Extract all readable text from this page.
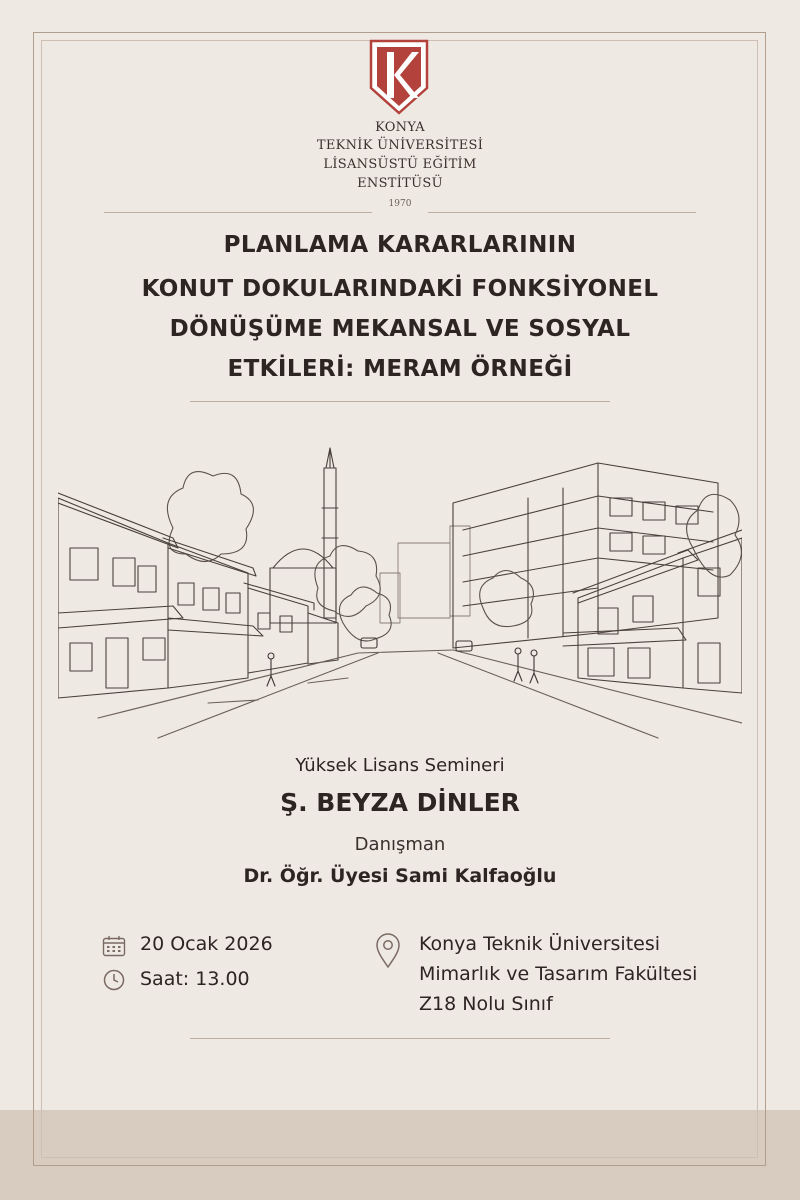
KONYA
TEKNİK ÜNİVERSİTESİ
LİSANSÜSTÜ EĞİTİM
ENSTİTÜSÜ
1970
PLANLAMA KARARLARININ
KONUT DOKULARINDAKİ FONKSİYONEL
DÖNÜŞÜME MEKANSAL VE SOSYAL
ETKİLERİ: MERAM ÖRNEĞİ
Yüksek Lisans Semineri
Ş. BEYZA DİNLER
Danışman
Dr. Öğr. Üyesi Sami Kalfaoğlu
20 Ocak 2026
Saat: 13.00
Konya Teknik Üniversitesi
Mimarlık ve Tasarım Fakültesi
Z18 Nolu Sınıf
